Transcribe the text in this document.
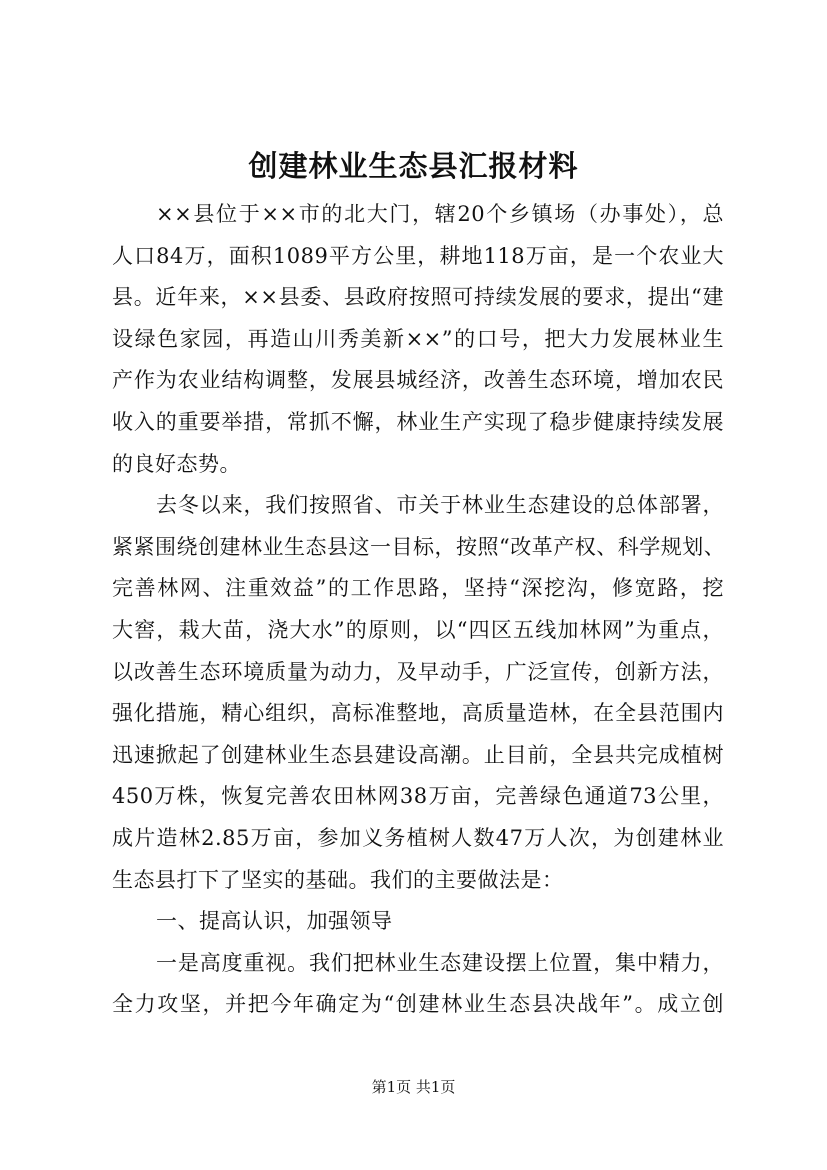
创建林业生态县汇报材料
××县位于××市的北大门，辖20个乡镇场（办事处），总
人口84万，面积1089平方公里，耕地118万亩，是一个农业大
县。近年来，××县委、县政府按照可持续发展的要求，提出“建
设绿色家园，再造山川秀美新××”的口号，把大力发展林业生
产作为农业结构调整，发展县城经济，改善生态环境，增加农民
收入的重要举措，常抓不懈，林业生产实现了稳步健康持续发展
的良好态势。
去冬以来，我们按照省、市关于林业生态建设的总体部署，
紧紧围绕创建林业生态县这一目标，按照“改革产权、科学规划、
完善林网、注重效益”的工作思路，坚持“深挖沟，修宽路，挖
大窖，栽大苗，浇大水”的原则，以“四区五线加林网”为重点，
以改善生态环境质量为动力，及早动手，广泛宣传，创新方法，
强化措施，精心组织，高标准整地，高质量造林，在全县范围内
迅速掀起了创建林业生态县建设高潮。止目前，全县共完成植树
450万株，恢复完善农田林网38万亩，完善绿色通道73公里，
成片造林2.85万亩，参加义务植树人数47万人次，为创建林业
生态县打下了坚实的基础。我们的主要做法是：
一、提高认识，加强领导
一是高度重视。我们把林业生态建设摆上位置，集中精力，
全力攻坚，并把今年确定为“创建林业生态县决战年”。成立创
第1页 共1页
